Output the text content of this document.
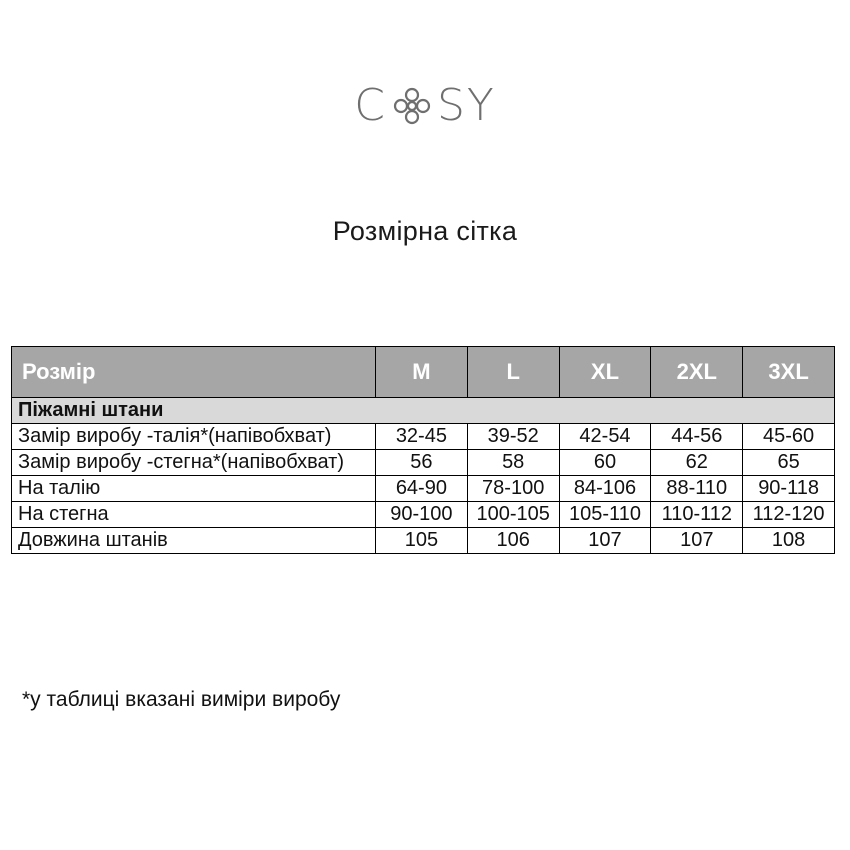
C SY
Розмірна сітка
Розмір	M	L	XL	2XL	3XL
Піжамні штани					
Замір виробу -талія*(напівобхват)	32-45	39-52	42-54	44-56	45-60
Замір виробу -стегна*(напівобхват)	56	58	60	62	65
На талію	64-90	78-100	84-106	88-110	90-118
На стегна	90-100	100-105	105-110	110-112	112-120
Довжина штанів	105	106	107	107	108
*у таблиці вказані виміри виробу
